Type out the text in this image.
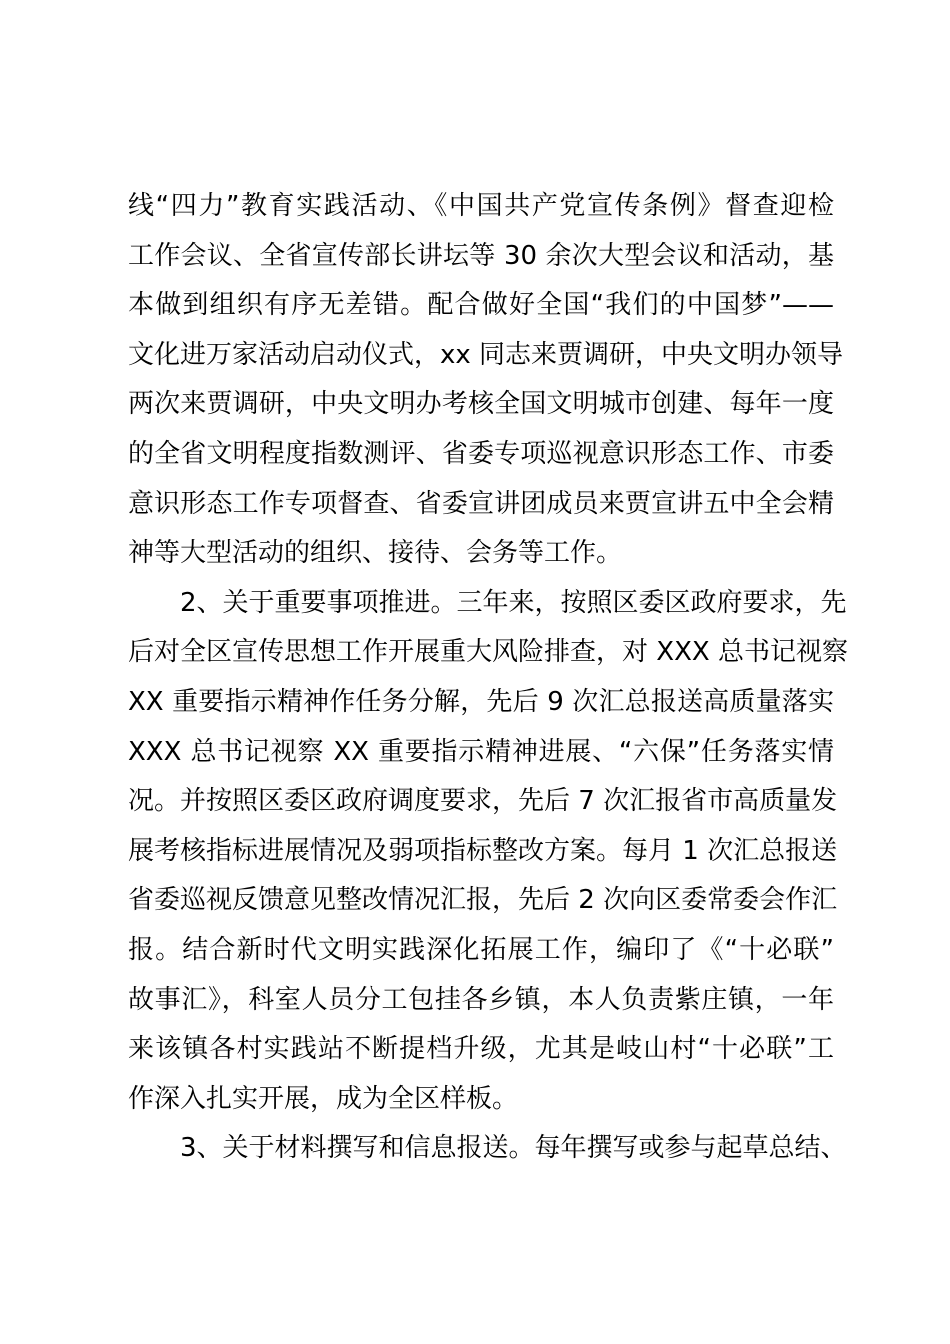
线“四力”教育实践活动、《中国共产党宣传条例》督查迎检
工作会议、全省宣传部长讲坛等 30 余次大型会议和活动，基
本做到组织有序无差错。配合做好全国“我们的中国梦”——
文化进万家活动启动仪式，xx 同志来贾调研，中央文明办领导
两次来贾调研，中央文明办考核全国文明城市创建、每年一度
的全省文明程度指数测评、省委专项巡视意识形态工作、市委
意识形态工作专项督查、省委宣讲团成员来贾宣讲五中全会精
神等大型活动的组织、接待、会务等工作。
2、关于重要事项推进。三年来，按照区委区政府要求，先
后对全区宣传思想工作开展重大风险排查，对 XXX 总书记视察
XX 重要指示精神作任务分解，先后 9 次汇总报送高质量落实
XXX 总书记视察 XX 重要指示精神进展、“六保”任务落实情
况。并按照区委区政府调度要求，先后 7 次汇报省市高质量发
展考核指标进展情况及弱项指标整改方案。每月 1 次汇总报送
省委巡视反馈意见整改情况汇报，先后 2 次向区委常委会作汇
报。结合新时代文明实践深化拓展工作，编印了《“十必联”
故事汇》，科室人员分工包挂各乡镇，本人负责紫庄镇，一年
来该镇各村实践站不断提档升级，尤其是岐山村“十必联”工
作深入扎实开展，成为全区样板。
3、关于材料撰写和信息报送。每年撰写或参与起草总结、
